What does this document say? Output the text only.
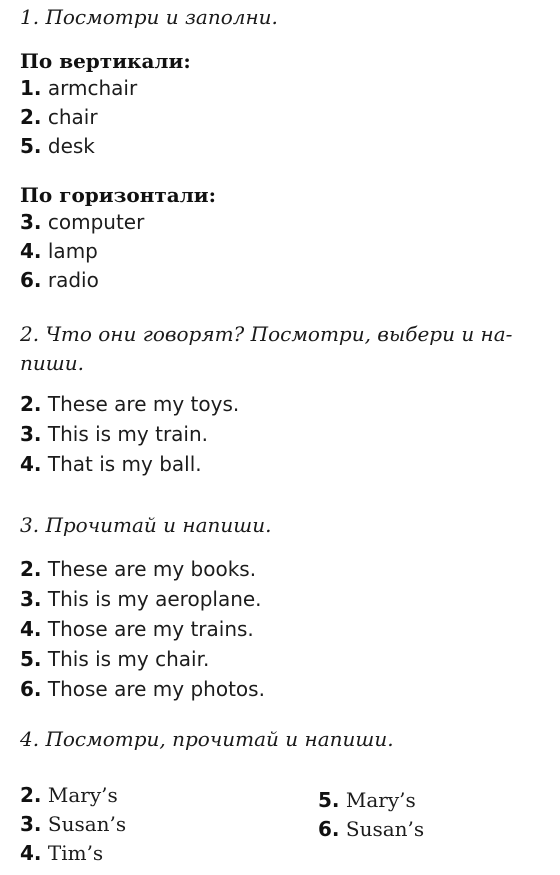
1. Посмотри и заполни.
По вертикали:
1. armchair
2. chair
5. desk
По горизонтали:
3. computer
4. lamp
6. radio
2. Что они говорят? Посмотри, выбери и на-пиши.
2. These are my toys.
3. This is my train.
4. That is my ball.
3. Прочитай и напиши.
2. These are my books.
3. This is my aeroplane.
4. Those are my trains.
5. This is my chair.
6. Those are my photos.
4. Посмотри, прочитай и напиши.
2. Mary’s
3. Susan’s
4. Tim’s
5. Mary’s
6. Susan’s
